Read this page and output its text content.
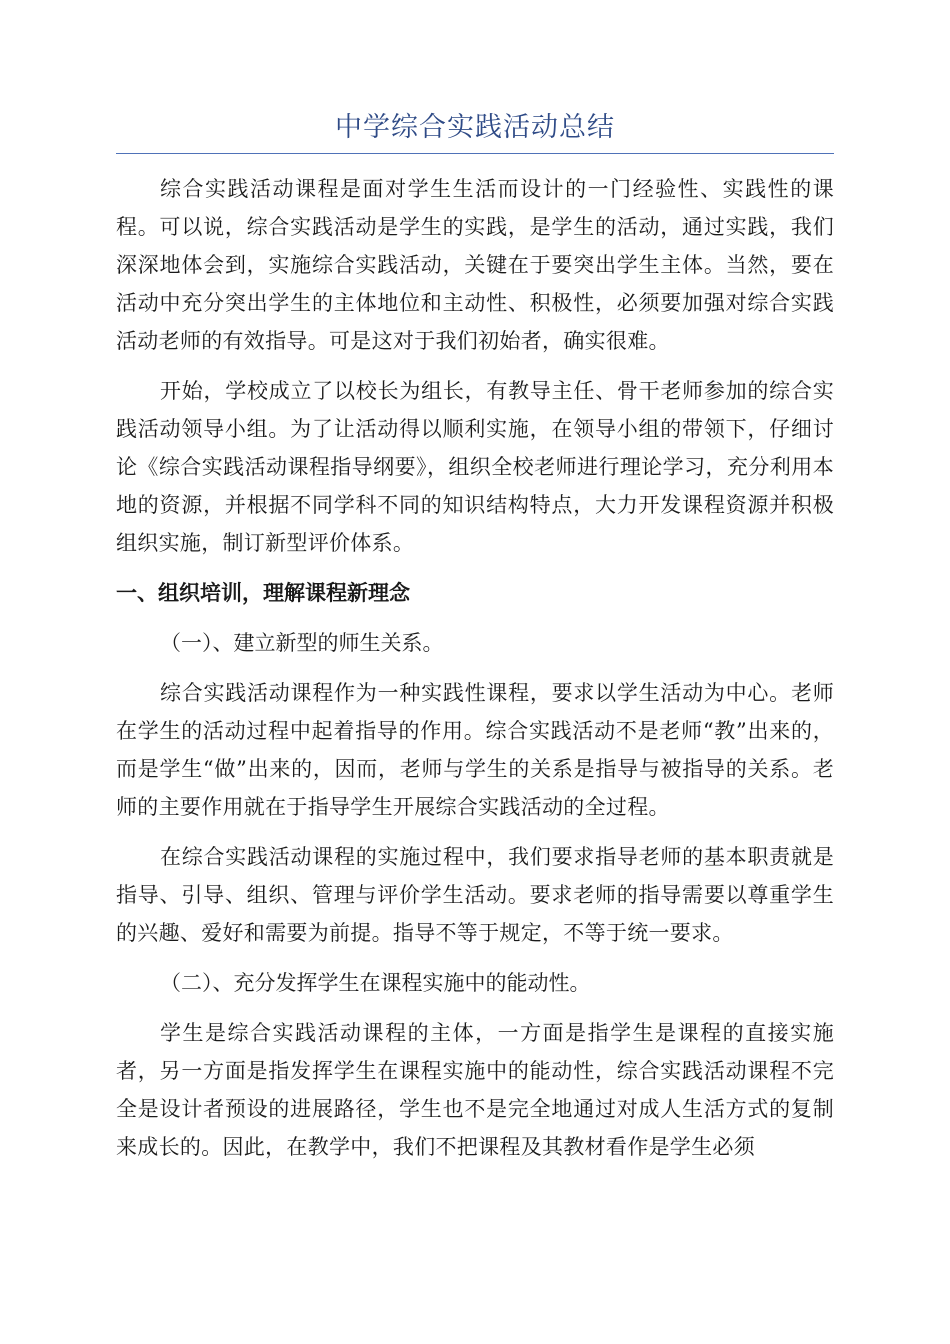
中学综合实践活动总结

综合实践活动课程是面对学生生活而设计的一门经验性、实践性的课程。可以说，综合实践活动是学生的实践，是学生的活动，通过实践，我们深深地体会到，实施综合实践活动，关键在于要突出学生主体。当然，要在活动中充分突出学生的主体地位和主动性、积极性，必须要加强对综合实践活动老师的有效指导。可是这对于我们初始者，确实很难。

开始，学校成立了以校长为组长，有教导主任、骨干老师参加的综合实践活动领导小组。为了让活动得以顺利实施，在领导小组的带领下，仔细讨论《综合实践活动课程指导纲要》，组织全校老师进行理论学习，充分利用本地的资源，并根据不同学科不同的知识结构特点，大力开发课程资源并积极组织实施，制订新型评价体系。

一、组织培训，理解课程新理念

（一）、建立新型的师生关系。

综合实践活动课程作为一种实践性课程，要求以学生活动为中心。老师在学生的活动过程中起着指导的作用。综合实践活动不是老师“教”出来的，而是学生“做”出来的，因而，老师与学生的关系是指导与被指导的关系。老师的主要作用就在于指导学生开展综合实践活动的全过程。

在综合实践活动课程的实施过程中，我们要求指导老师的基本职责就是指导、引导、组织、管理与评价学生活动。要求老师的指导需要以尊重学生的兴趣、爱好和需要为前提。指导不等于规定，不等于统一要求。

（二）、充分发挥学生在课程实施中的能动性。

学生是综合实践活动课程的主体，一方面是指学生是课程的直接实施者，另一方面是指发挥学生在课程实施中的能动性，综合实践活动课程不完全是设计者预设的进展路径，学生也不是完全地通过对成人生活方式的复制来成长的。因此，在教学中，我们不把课程及其教材看作是学生必须
